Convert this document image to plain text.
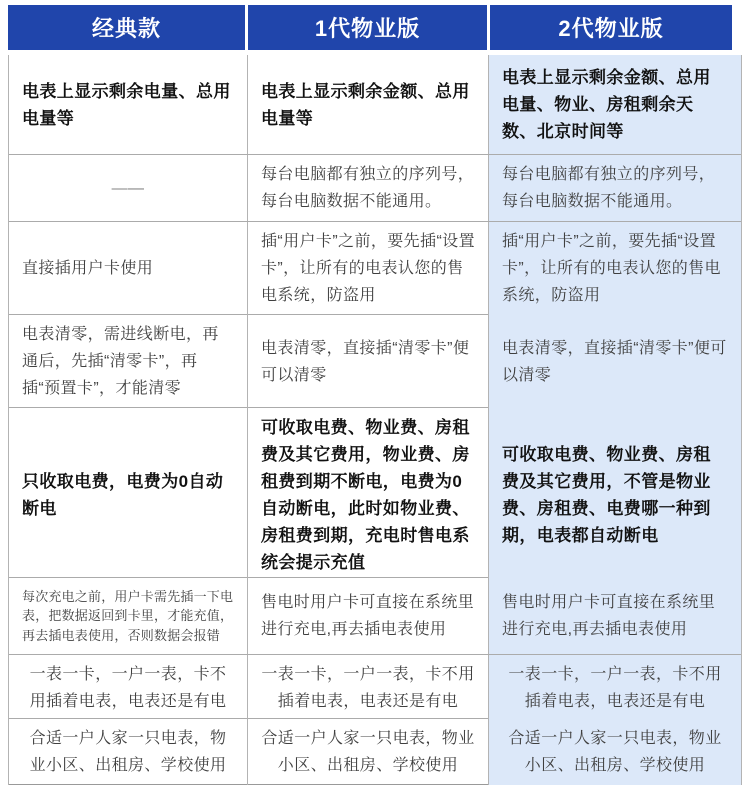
经典款	1代物业版	2代物业版
电表上显示剩余电量、总用电量等
电表上显示剩余金额、总用电量等
电表上显示剩余金额、总用电量、物业、房租剩余天数、北京时间等
——
每台电脑都有独立的序列号，每台电脑数据不能通用。
每台电脑都有独立的序列号，每台电脑数据不能通用。
直接插用户卡使用
插“用户卡”之前，要先插“设置卡”，让所有的电表认您的售电系统，防盗用
插“用户卡”之前，要先插“设置卡”，让所有的电表认您的售电系统，防盗用
电表清零，需进线断电，再通后，先插“清零卡”，再插“预置卡”，才能清零
电表清零，直接插“清零卡”便可以清零
电表清零，直接插“清零卡”便可以清零
只收取电费，电费为0自动断电
可收取电费、物业费、房租费及其它费用，物业费、房租费到期不断电，电费为0自动断电，此时如物业费、房租费到期，充电时售电系统会提示充值
可收取电费、物业费、房租费及其它费用，不管是物业费、房租费、电费哪一种到期，电表都自动断电
每次充电之前，用户卡需先插一下电表，把数据返回到卡里，才能充值，再去插电表使用，否则数据会报错
售电时用户卡可直接在系统里进行充电,再去插电表使用
售电时用户卡可直接在系统里进行充电,再去插电表使用
一表一卡，一户一表，卡不用插着电表，电表还是有电
一表一卡，一户一表，卡不用插着电表，电表还是有电
一表一卡，一户一表，卡不用插着电表，电表还是有电
合适一户人家一只电表，物业小区、出租房、学校使用
合适一户人家一只电表，物业小区、出租房、学校使用
合适一户人家一只电表，物业小区、出租房、学校使用
